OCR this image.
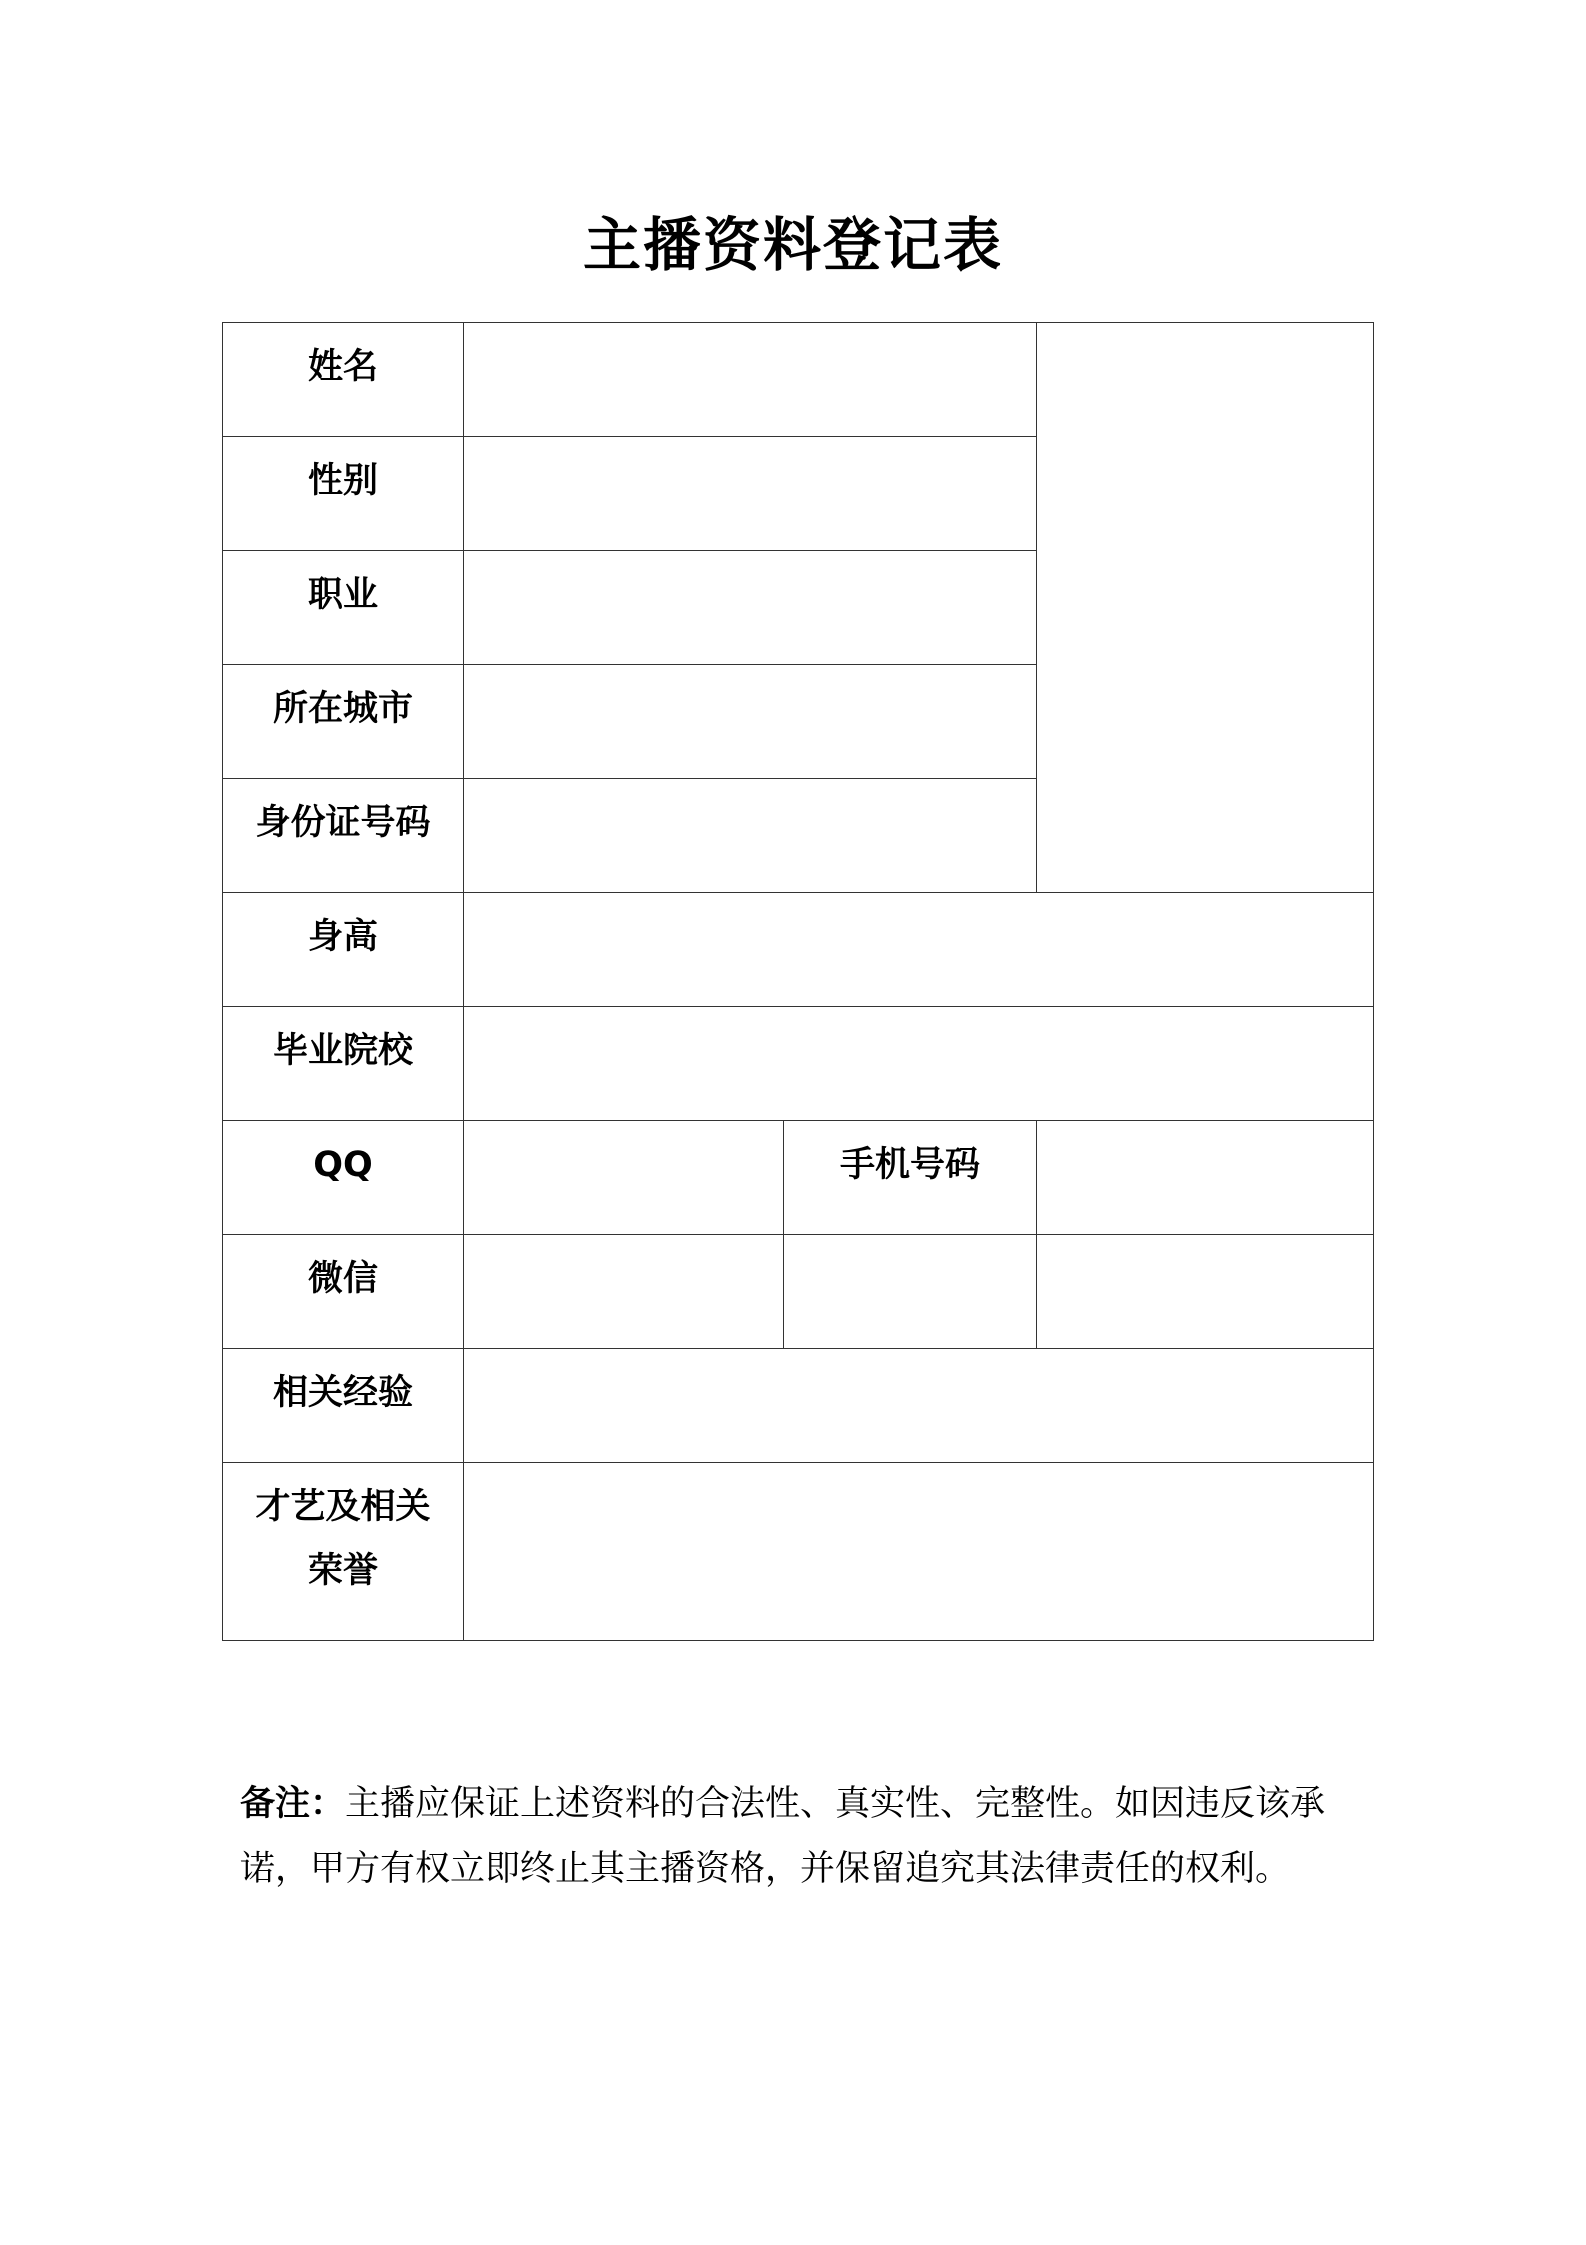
主播资料登记表
姓名			
性别			
职业			
所在城市			
身份证号码			
身高			
毕业院校			
QQ		手机号码	
微信			
相关经验			
才艺及相关荣誉			
备注：主播应保证上述资料的合法性、真实性、完整性。如因违反该承诺，甲方有权立即终止其主播资格，并保留追究其法律责任的权利。
